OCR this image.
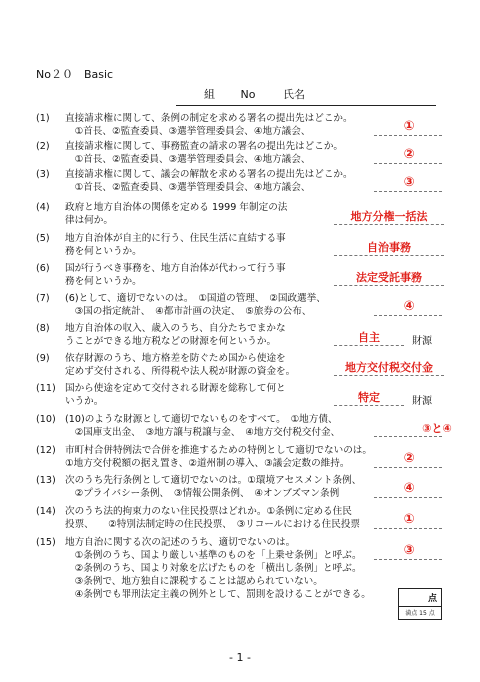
No２０　Basic
組 No	氏名
(1)	直接請求権に関して、条例の制定を求める署名の提出先はどこか。
　①首長、②監査委員、③選挙管理委員会、④地方議会、
(2)	直接請求権に関して、事務監査の請求の署名の提出先はどこか。
　①首長、②監査委員、③選挙管理委員会、④地方議会、
(3)	直接請求権に関して、議会の解散を求める署名の提出先はどこか。
　①首長、②監査委員、③選挙管理委員会、④地方議会、
(4)	政府と地方自治体の関係を定める 1999 年制定の法
律は何か。
(5)	地方自治体が自主的に行う、住民生活に直結する事
務を何というか。
(6)	国が行うべき事務を、地方自治体が代わって行う事
務を何というか。
(7)	(6)として、適切でないのは。　①国道の管理、　②国政選挙、
　③国の指定統計、　④都市計画の決定、　⑤旅券の公布、
(8)	地方自治体の収入、歳入のうち、自分たちでまかな
うことができる地方税などの財源を何というか。
(9)	依存財源のうち、地方格差を防ぐため国から使途を
定めず交付される、所得税や法人税が財源の資金を。
(11) 国から使途を定めて交付される財源を総称して何と
いうか。
(10) (10)のような財源として適切でないものをすべて。　①地方債、
　②国庫支出金、　③地方譲与税譲与金、　④地方交付税交付金、
(12) 市町村合併特例法で合併を推進するための特例として適切でないのは。
①地方交付税額の据え置き、②道州制の導入、③議会定数の維持。
(13) 次のうち先行条例として適切でないのは。①環境アセスメント条例、
　②プライバシー条例、　③情報公開条例、　④オンブズマン条例
(14) 次のうち法的拘束力のない住民投票はどれか。①条例に定める住民
投票、　　②特別法制定時の住民投票、　③リコールにおける住民投票
(15) 地方自治に関する次の記述のうち、適切でないのは。
　①条例のうち、国より厳しい基準のものを「上乗せ条例」と呼ぶ。
　②条例のうち、国より対象を広げたものを「横出し条例」と呼ぶ。
　③条例で、地方独自に課税することは認められていない。
　④条例でも罪刑法定主義の例外として、罰則を設けることができる。	点
満点 15 点
- 1 -
①
②
③
地方分権一括法
自治事務
法定受託事務
④
自主	財源
地方交付税交付金
特定	財源
③と④
②
④
①
③
